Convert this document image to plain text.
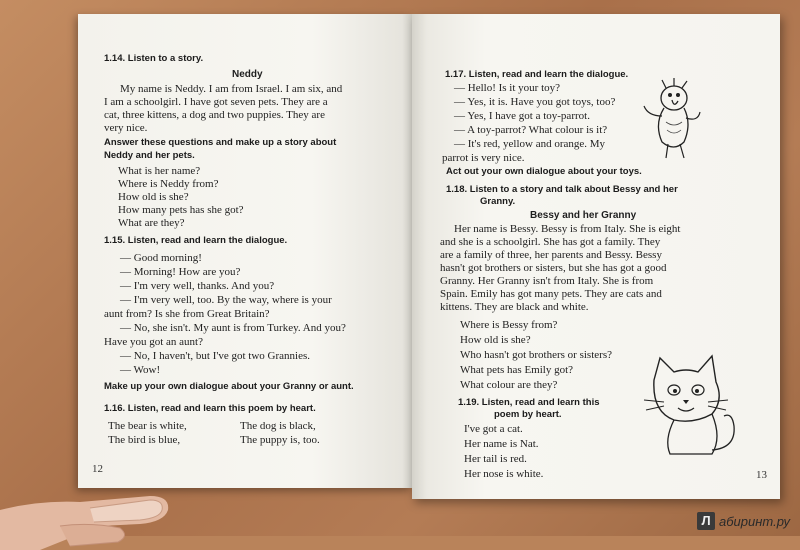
1.14. Listen to a story.
Neddy
My name is Neddy. I am from Israel. I am six, and
I am a schoolgirl. I have got seven pets. They are a
cat, three kittens, a dog and two puppies. They are
very nice.
Answer these questions and make up a story about
Neddy and her pets.
What is her name?
Where is Neddy from?
How old is she?
How many pets has she got?
What are they?
1.15. Listen, read and learn the dialogue.
— Good morning!
— Morning! How are you?
— I'm very well, thanks. And you?
— I'm very well, too. By the way, where is your
aunt from? Is she from Great Britain?
— No, she isn't. My aunt is from Turkey. And you?
Have you got an aunt?
— No, I haven't, but I've got two Grannies.
— Wow!
Make up your own dialogue about your Granny or aunt.
1.16. Listen, read and learn this poem by heart.
The bear is white,
The bird is blue,
The dog is black,
The puppy is, too.
12
1.17. Listen, read and learn the dialogue.
— Hello! Is it your toy?
— Yes, it is. Have you got toys, too?
— Yes, I have got a toy-parrot.
— A toy-parrot? What colour is it?
— It's red, yellow and orange. My
parrot is very nice.
Act out your own dialogue about your toys.
1.18. Listen to a story and talk about Bessy and her
Granny.
Bessy and her Granny
Her name is Bessy. Bessy is from Italy. She is eight
and she is a schoolgirl. She has got a family. They
are a family of three, her parents and Bessy. Bessy
hasn't got brothers or sisters, but she has got a good
Granny. Her Granny isn't from Italy. She is from
Spain. Emily has got many pets. They are cats and
kittens. They are black and white.
Where is Bessy from?
How old is she?
Who hasn't got brothers or sisters?
What pets has Emily got?
What colour are they?
1.19. Listen, read and learn this
poem by heart.
I've got a cat.
Her name is Nat.
Her tail is red.
Her nose is white.	13
Л абиринт.ру
